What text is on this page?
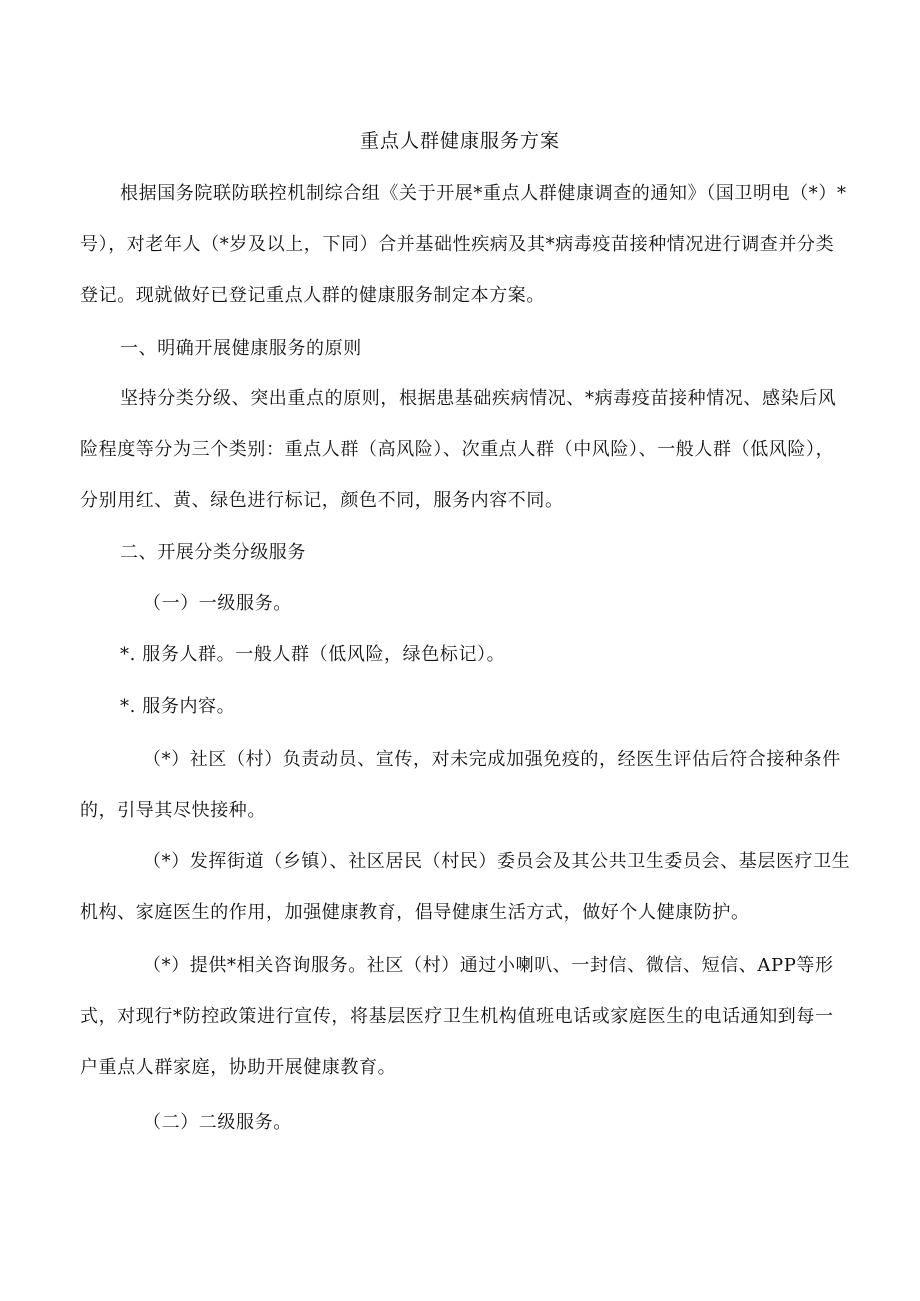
重点人群健康服务方案

根据国务院联防联控机制综合组《关于开展*重点人群健康调查的通知》（国卫明电（*）*号），对老年人（*岁及以上，下同）合并基础性疾病及其*病毒疫苗接种情况进行调查并分类登记。现就做好已登记重点人群的健康服务制定本方案。

一、明确开展健康服务的原则

坚持分类分级、突出重点的原则，根据患基础疾病情况、*病毒疫苗接种情况、感染后风险程度等分为三个类别：重点人群（高风险）、次重点人群（中风险）、一般人群（低风险），分别用红、黄、绿色进行标记，颜色不同，服务内容不同。

二、开展分类分级服务
（一）一级服务。
*. 服务人群。一般人群（低风险，绿色标记）。
*. 服务内容。

（*）社区（村）负责动员、宣传，对未完成加强免疫的，经医生评估后符合接种条件的，引导其尽快接种。

（*）发挥街道（乡镇）、社区居民（村民）委员会及其公共卫生委员会、基层医疗卫生机构、家庭医生的作用，加强健康教育，倡导健康生活方式，做好个人健康防护。

（*）提供*相关咨询服务。社区（村）通过小喇叭、一封信、微信、短信、APP等形式，对现行*防控政策进行宣传，将基层医疗卫生机构值班电话或家庭医生的电话通知到每一户重点人群家庭，协助开展健康教育。

（二）二级服务。
